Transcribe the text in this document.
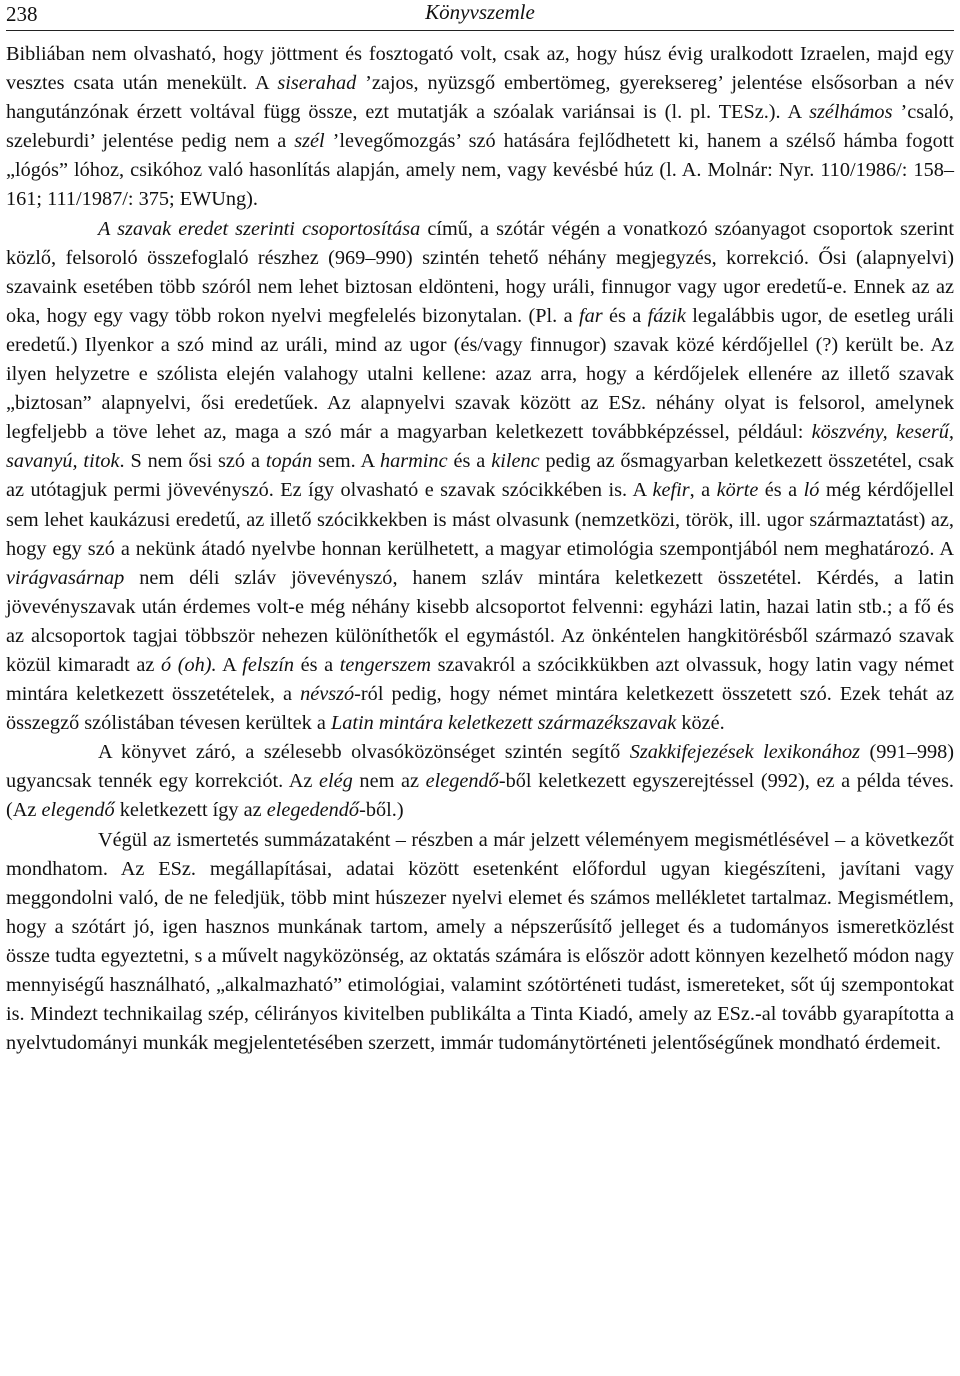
238	Könyvszemle

Bibliában nem olvasható, hogy jöttment és fosztogató volt, csak az, hogy húsz évig uralkodott Izraelen, majd egy vesztes csata után menekült. A siserahad ’zajos, nyüzsgő embertömeg, gyereksereg’ jelentése elsősorban a név hangutánzónak érzett voltával függ össze, ezt mutatják a szóalak variánsai is (l. pl. TESz.). A szélhámos ’csaló, szeleburdi’ jelentése pedig nem a szél ’levegőmozgás’ szó hatására fejlődhetett ki, hanem a szélső hámba fogott „lógós” lóhoz, csikóhoz való hasonlítás alapján, amely nem, vagy kevésbé húz (l. A. Molnár: Nyr. 110/1986/: 158–161; 111/1987/: 375; EWUng).

A szavak eredet szerinti csoportosítása című, a szótár végén a vonatkozó szóanyagot csoportok szerint közlő, felsoroló összefoglaló részhez (969–990) szintén tehető néhány megjegyzés, korrekció. Ősi (alapnyelvi) szavaink esetében több szóról nem lehet biztosan eldönteni, hogy uráli, finnugor vagy ugor eredetű-e. Ennek az az oka, hogy egy vagy több rokon nyelvi megfelelés bizonytalan. (Pl. a far és a fázik legalábbis ugor, de esetleg uráli eredetű.) Ilyenkor a szó mind az uráli, mind az ugor (és/vagy finnugor) szavak közé kérdőjellel (?) került be. Az ilyen helyzetre e szólista elején valahogy utalni kellene: azaz arra, hogy a kérdőjelek ellenére az illető szavak „biztosan” alapnyelvi, ősi eredetűek. Az alapnyelvi szavak között az ESz. néhány olyat is felsorol, amelynek legfeljebb a töve lehet az, maga a szó már a magyarban keletkezett továbbképzéssel, például: köszvény, keserű, savanyú, titok. S nem ősi szó a topán sem. A harminc és a kilenc pedig az ősmagyarban keletkezett összetétel, csak az utótagjuk permi jövevényszó. Ez így olvasható e szavak szócikkében is. A kefir, a körte és a ló még kérdőjellel sem lehet kaukázusi eredetű, az illető szócikkekben is mást olvasunk (nemzetközi, török, ill. ugor származtatást) az, hogy egy szó a nekünk átadó nyelvbe honnan kerülhetett, a magyar etimológia szempontjából nem meghatározó. A virágvasárnap nem déli szláv jövevényszó, hanem szláv mintára keletkezett összetétel. Kérdés, a latin jövevényszavak után érdemes volt-e még néhány kisebb alcsoportot felvenni: egyházi latin, hazai latin stb.; a fő és az alcsoportok tagjai többször nehezen különíthetők el egymástól. Az önkéntelen hangkitörésből származó szavak közül kimaradt az ó (oh). A felszín és a tengerszem szavakról a szócikkükben azt olvassuk, hogy latin vagy német mintára keletkezett összetételek, a névszó-ról pedig, hogy német mintára keletkezett összetett szó. Ezek tehát az összegző szólistában tévesen kerültek a Latin mintára keletkezett származékszavak közé.

A könyvet záró, a szélesebb olvasóközönséget szintén segítő Szakkifejezések lexikonához (991–998) ugyancsak tennék egy korrekciót. Az elég nem az elegendő-ből keletkezett egyszerejtéssel (992), ez a példa téves. (Az elegendő keletkezett így az elegedendő-ből.)

Végül az ismertetés summázataként – részben a már jelzett véleményem megismétlésével – a következőt mondhatom. Az ESz. megállapításai, adatai között esetenként előfordul ugyan kiegészíteni, javítani vagy meggondolni való, de ne feledjük, több mint húszezer nyelvi elemet és számos mellékletet tartalmaz. Megismétlem, hogy a szótárt jó, igen hasznos munkának tartom, amely a népszerűsítő jelleget és a tudományos ismeretközlést össze tudta egyeztetni, s a művelt nagyközönség, az oktatás számára is először adott könnyen kezelhető módon nagy mennyiségű használható, „alkalmazható” etimológiai, valamint szótörténeti tudást, ismereteket, sőt új szempontokat is. Mindezt technikailag szép, célirányos kivitelben publikálta a Tinta Kiadó, amely az ESz.-al tovább gyarapította a nyelvtudományi munkák megjelentetésében szerzett, immár tudománytörténeti jelentőségűnek mondható érdemeit.
